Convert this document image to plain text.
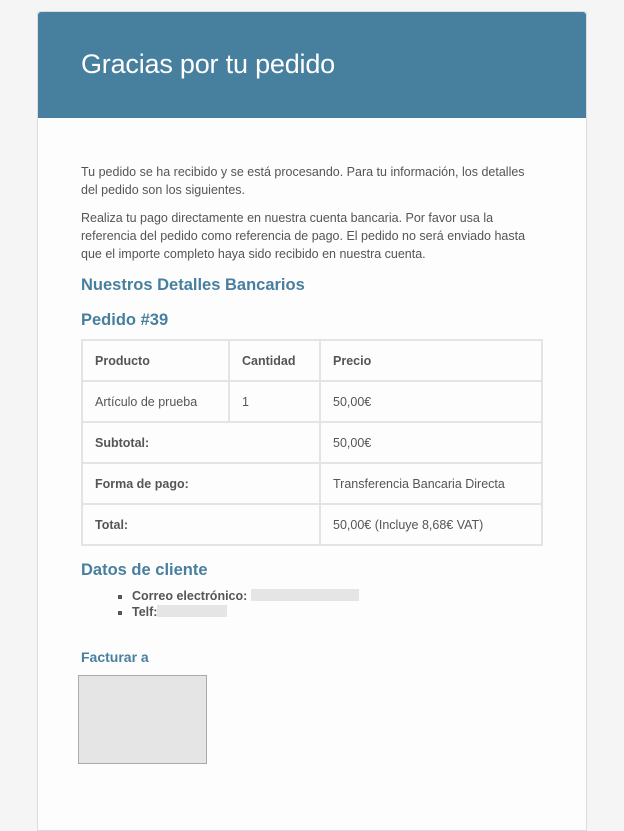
Gracias por tu pedido

Tu pedido se ha recibido y se está procesando. Para tu información, los detalles del pedido son los siguientes.

Realiza tu pago directamente en nuestra cuenta bancaria. Por favor usa la referencia del pedido como referencia de pago. El pedido no será enviado hasta que el importe completo haya sido recibido en nuestra cuenta.

Nuestros Detalles Bancarios
Pedido #39
Producto	Cantidad	Precio
Artículo de prueba	1	50,00€
Subtotal:		50,00€
Forma de pago:		Transferencia Bancaria Directa
Total:		50,00€ (Incluye 8,68€ VAT)
Datos de cliente
▪ Correo electrónico:
▪ Telf:
Facturar a
